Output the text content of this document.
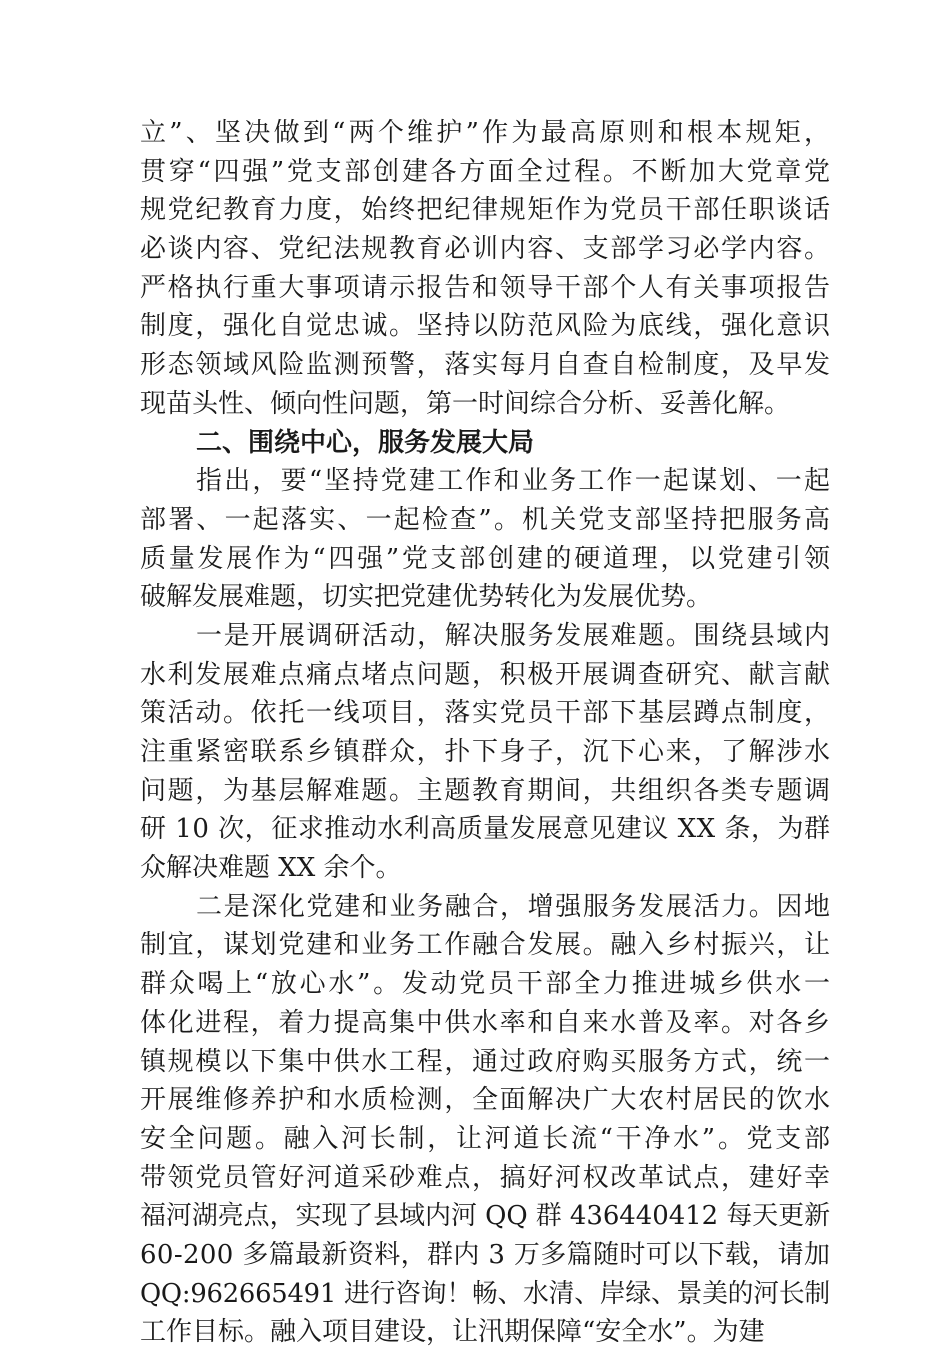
立”、坚决做到“两个维护”作为最高原则和根本规矩，
贯穿“四强”党支部创建各方面全过程。不断加大党章党
规党纪教育力度，始终把纪律规矩作为党员干部任职谈话
必谈内容、党纪法规教育必训内容、支部学习必学内容。
严格执行重大事项请示报告和领导干部个人有关事项报告
制度，强化自觉忠诚。坚持以防范风险为底线，强化意识
形态领域风险监测预警，落实每月自查自检制度，及早发
现苗头性、倾向性问题，第一时间综合分析、妥善化解。
二、围绕中心，服务发展大局
指出，要“坚持党建工作和业务工作一起谋划、一起
部署、一起落实、一起检查”。机关党支部坚持把服务高
质量发展作为“四强”党支部创建的硬道理，以党建引领
破解发展难题，切实把党建优势转化为发展优势。
一是开展调研活动，解决服务发展难题。围绕县域内
水利发展难点痛点堵点问题，积极开展调查研究、献言献
策活动。依托一线项目，落实党员干部下基层蹲点制度，
注重紧密联系乡镇群众，扑下身子，沉下心来，了解涉水
问题，为基层解难题。主题教育期间，共组织各类专题调
研 10 次，征求推动水利高质量发展意见建议 XX 条，为群
众解决难题 XX 余个。
二是深化党建和业务融合，增强服务发展活力。因地
制宜，谋划党建和业务工作融合发展。融入乡村振兴，让
群众喝上“放心水”。发动党员干部全力推进城乡供水一
体化进程，着力提高集中供水率和自来水普及率。对各乡
镇规模以下集中供水工程，通过政府购买服务方式，统一
开展维修养护和水质检测，全面解决广大农村居民的饮水
安全问题。融入河长制，让河道长流“干净水”。党支部
带领党员管好河道采砂难点，搞好河权改革试点，建好幸
福河湖亮点，实现了县域内河 QQ 群 436440412 每天更新
60-200 多篇最新资料，群内 3 万多篇随时可以下载，请加
QQ:962665491 进行咨询！畅、水清、岸绿、景美的河长制
工作目标。融入项目建设，让汛期保障“安全水”。为建
